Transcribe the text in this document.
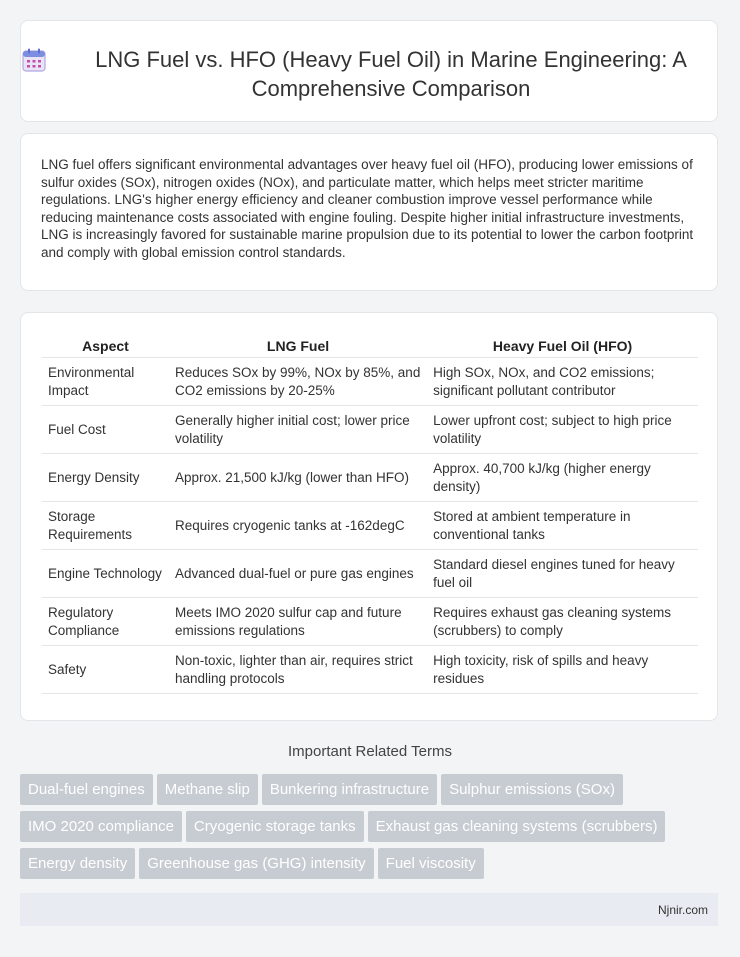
LNG Fuel vs. HFO (Heavy Fuel Oil) in Marine Engineering: A Comprehensive Comparison

LNG fuel offers significant environmental advantages over heavy fuel oil (HFO), producing lower emissions of sulfur oxides (SOx), nitrogen oxides (NOx), and particulate matter, which helps meet stricter maritime regulations. LNG's higher energy efficiency and cleaner combustion improve vessel performance while reducing maintenance costs associated with engine fouling. Despite higher initial infrastructure investments, LNG is increasingly favored for sustainable marine propulsion due to its potential to lower the carbon footprint and comply with global emission control standards.

Aspect	LNG Fuel	Heavy Fuel Oil (HFO)
Environmental Impact	Reduces SOx by 99%, NOx by 85%, and CO2 emissions by 20-25%	High SOx, NOx, and CO2 emissions; significant pollutant contributor
Fuel Cost	Generally higher initial cost; lower price volatility	Lower upfront cost; subject to high price volatility
Energy Density	Approx. 21,500 kJ/kg (lower than HFO)	Approx. 40,700 kJ/kg (higher energy density)
Storage Requirements	Requires cryogenic tanks at -162degC	Stored at ambient temperature in conventional tanks
Engine Technology	Advanced dual-fuel or pure gas engines	Standard diesel engines tuned for heavy fuel oil
Regulatory Compliance	Meets IMO 2020 sulfur cap and future emissions regulations	Requires exhaust gas cleaning systems (scrubbers) to comply
Safety	Non-toxic, lighter than air, requires strict handling protocols	High toxicity, risk of spills and heavy residues
Important Related Terms
Dual-fuel engines Methane slip Bunkering infrastructure Sulphur emissions (SOx)IMO 2020 compliance Cryogenic storage tanks Exhaust gas cleaning systems (scrubbers)Energy density Greenhouse gas (GHG) intensity Fuel viscosity
Njnir.com
